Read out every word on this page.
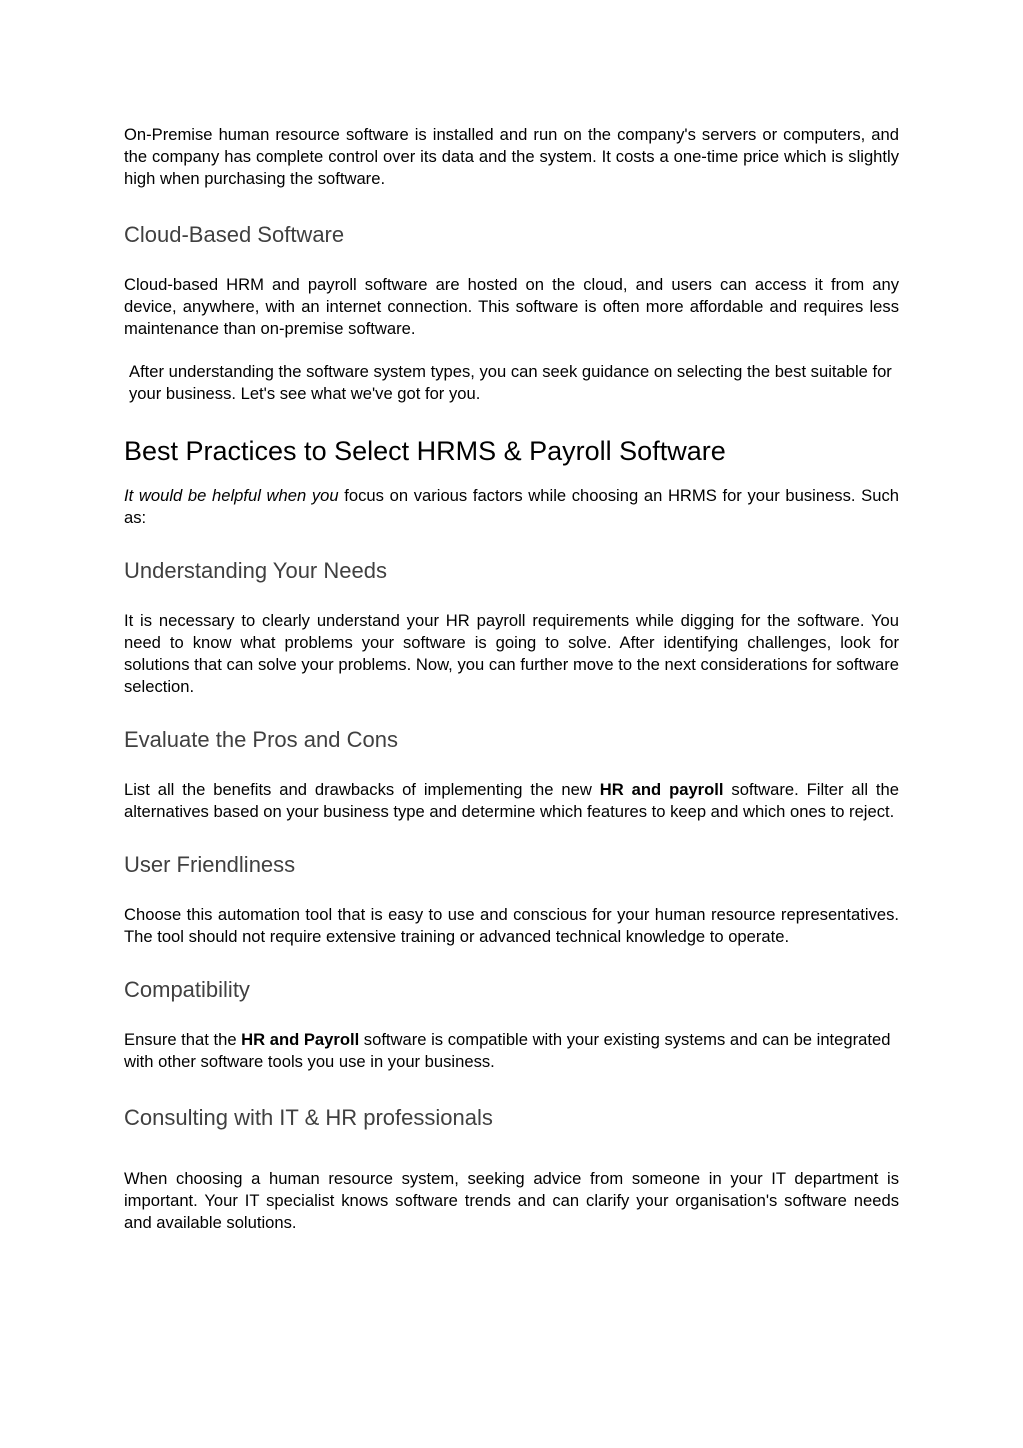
On-Premise human resource software is installed and run on the company's servers or computers, and the company has complete control over its data and the system. It costs a one-time price which is slightly high when purchasing the software.

Cloud-Based Software

Cloud-based HRM and payroll software are hosted on the cloud, and users can access it from any device, anywhere, with an internet connection. This software is often more affordable and requires less maintenance than on-premise software.

After understanding the software system types, you can seek guidance on selecting the best suitable for your business. Let's see what we've got for you.

Best Practices to Select HRMS & Payroll Software

It would be helpful when you focus on various factors while choosing an HRMS for your business. Such as:

Understanding Your Needs

It is necessary to clearly understand your HR payroll requirements while digging for the software. You need to know what problems your software is going to solve. After identifying challenges, look for solutions that can solve your problems. Now, you can further move to the next considerations for software selection.

Evaluate the Pros and Cons

List all the benefits and drawbacks of implementing the new HR and payroll software. Filter all the alternatives based on your business type and determine which features to keep and which ones to reject.

User Friendliness

Choose this automation tool that is easy to use and conscious for your human resource representatives. The tool should not require extensive training or advanced technical knowledge to operate.

Compatibility

Ensure that the HR and Payroll software is compatible with your existing systems and can be integrated with other software tools you use in your business.

Consulting with IT & HR professionals

When choosing a human resource system, seeking advice from someone in your IT department is important. Your IT specialist knows software trends and can clarify your organisation's software needs and available solutions.
